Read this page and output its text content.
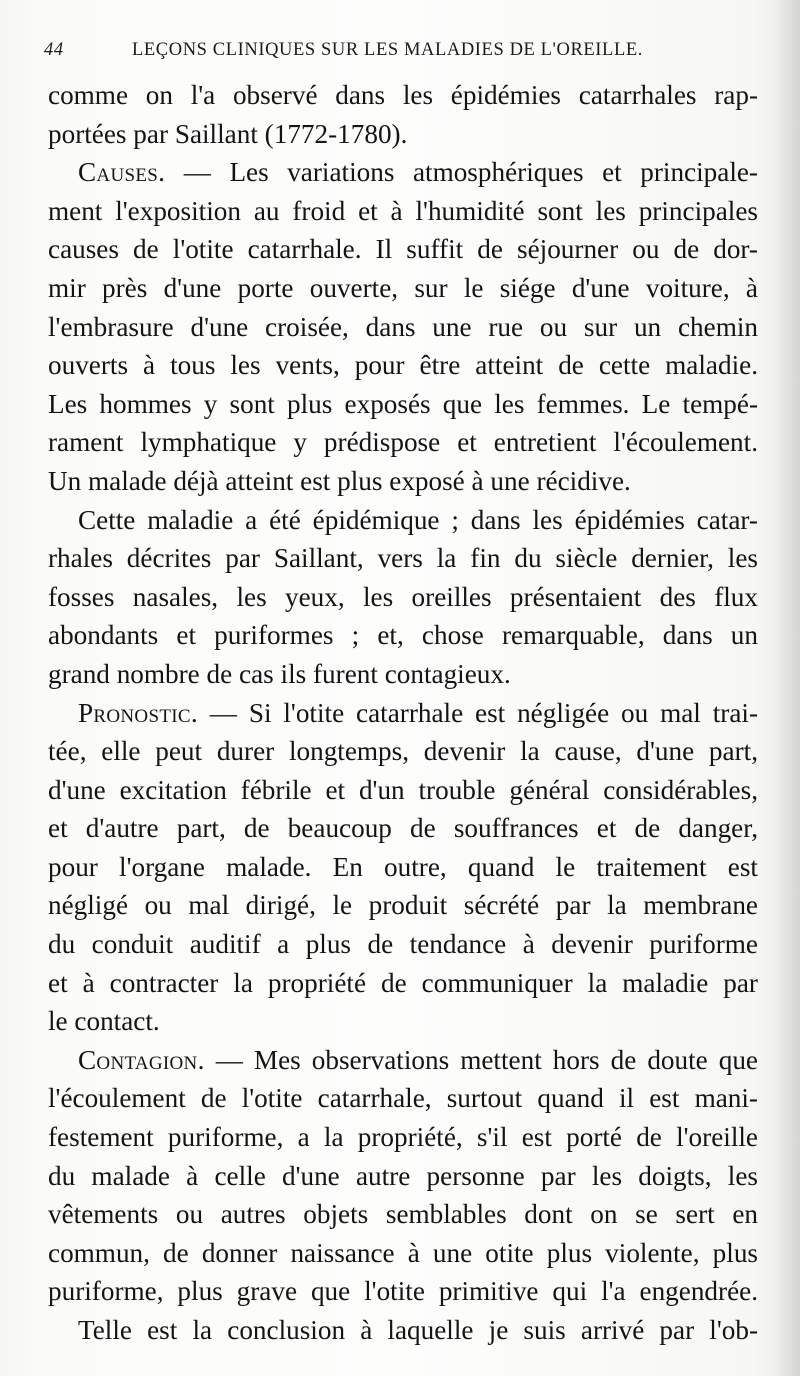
44	LEÇONS CLINIQUES SUR LES MALADIES DE L'OREILLE.
comme on l'a observé dans les épidémies catarrhales rap-
portées par Saillant (1772-1780).
Causes. — Les variations atmosphériques et principale-
ment l'exposition au froid et à l'humidité sont les principales
causes de l'otite catarrhale. Il suffit de séjourner ou de dor-
mir près d'une porte ouverte, sur le siége d'une voiture, à
l'embrasure d'une croisée, dans une rue ou sur un chemin
ouverts à tous les vents, pour être atteint de cette maladie.
Les hommes y sont plus exposés que les femmes. Le tempé-
rament lymphatique y prédispose et entretient l'écoulement.
Un malade déjà atteint est plus exposé à une récidive.
Cette maladie a été épidémique ; dans les épidémies catar-
rhales décrites par Saillant, vers la fin du siècle dernier, les
fosses nasales, les yeux, les oreilles présentaient des flux
abondants et puriformes ; et, chose remarquable, dans un
grand nombre de cas ils furent contagieux.
Pronostic. — Si l'otite catarrhale est négligée ou mal trai-
tée, elle peut durer longtemps, devenir la cause, d'une part,
d'une excitation fébrile et d'un trouble général considérables,
et d'autre part, de beaucoup de souffrances et de danger,
pour l'organe malade. En outre, quand le traitement est
négligé ou mal dirigé, le produit sécrété par la membrane
du conduit auditif a plus de tendance à devenir puriforme
et à contracter la propriété de communiquer la maladie par
le contact.
Contagion. — Mes observations mettent hors de doute que
l'écoulement de l'otite catarrhale, surtout quand il est mani-
festement puriforme, a la propriété, s'il est porté de l'oreille
du malade à celle d'une autre personne par les doigts, les
vêtements ou autres objets semblables dont on se sert en
commun, de donner naissance à une otite plus violente, plus
puriforme, plus grave que l'otite primitive qui l'a engendrée.
Telle est la conclusion à laquelle je suis arrivé par l'ob-
